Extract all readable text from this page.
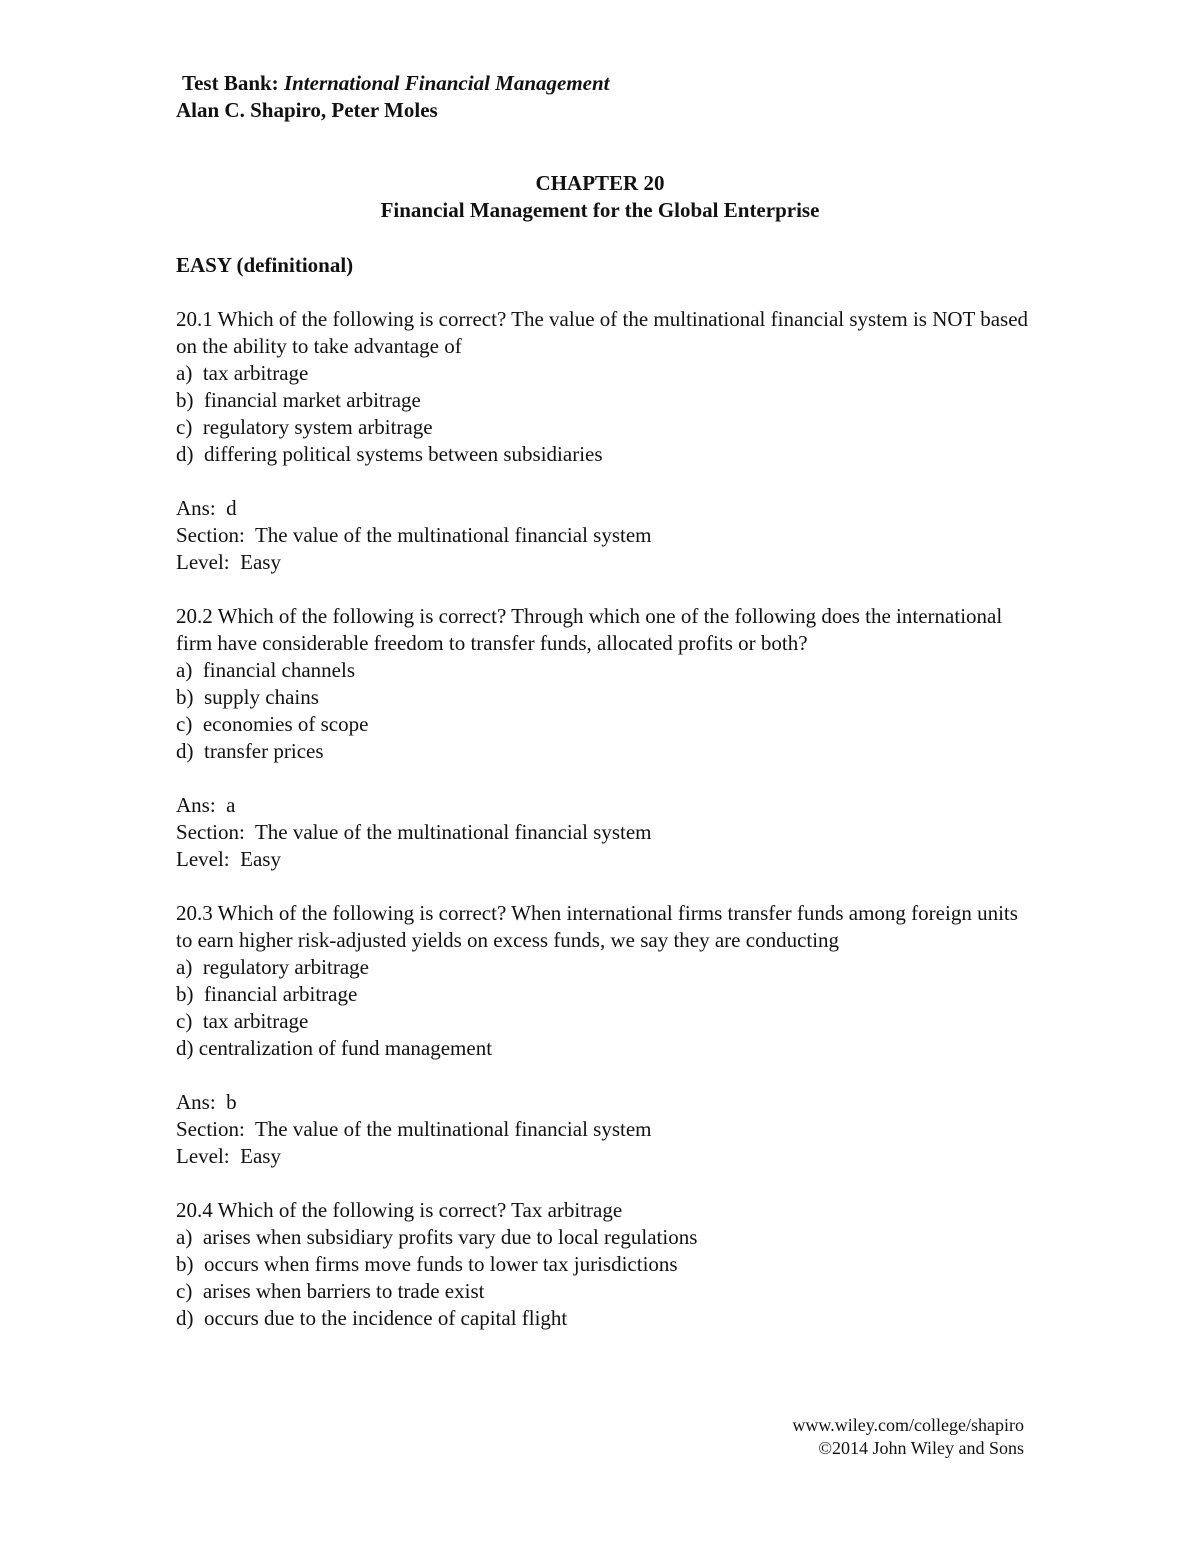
Test Bank: International Financial Management
Alan C. Shapiro, Peter Moles
CHAPTER 20
Financial Management for the Global Enterprise
EASY (definitional)
20.1 Which of the following is correct? The value of the multinational financial system is NOT based on the ability to take advantage of
a)  tax arbitrage
b)  financial market arbitrage
c)  regulatory system arbitrage
d)  differing political systems between subsidiaries
Ans:  d
Section:  The value of the multinational financial system
Level:  Easy
20.2 Which of the following is correct? Through which one of the following does the international firm have considerable freedom to transfer funds, allocated profits or both?
a)  financial channels
b)  supply chains
c)  economies of scope
d)  transfer prices
Ans:  a
Section:  The value of the multinational financial system
Level:  Easy
20.3 Which of the following is correct? When international firms transfer funds among foreign units to earn higher risk-adjusted yields on excess funds, we say they are conducting
a)  regulatory arbitrage
b)  financial arbitrage
c)  tax arbitrage
d) centralization of fund management
Ans:  b
Section:  The value of the multinational financial system
Level:  Easy
20.4 Which of the following is correct? Tax arbitrage
a)  arises when subsidiary profits vary due to local regulations
b)  occurs when firms move funds to lower tax jurisdictions
c)  arises when barriers to trade exist
d)  occurs due to the incidence of capital flight
www.wiley.com/college/shapiro
©2014 John Wiley and Sons
